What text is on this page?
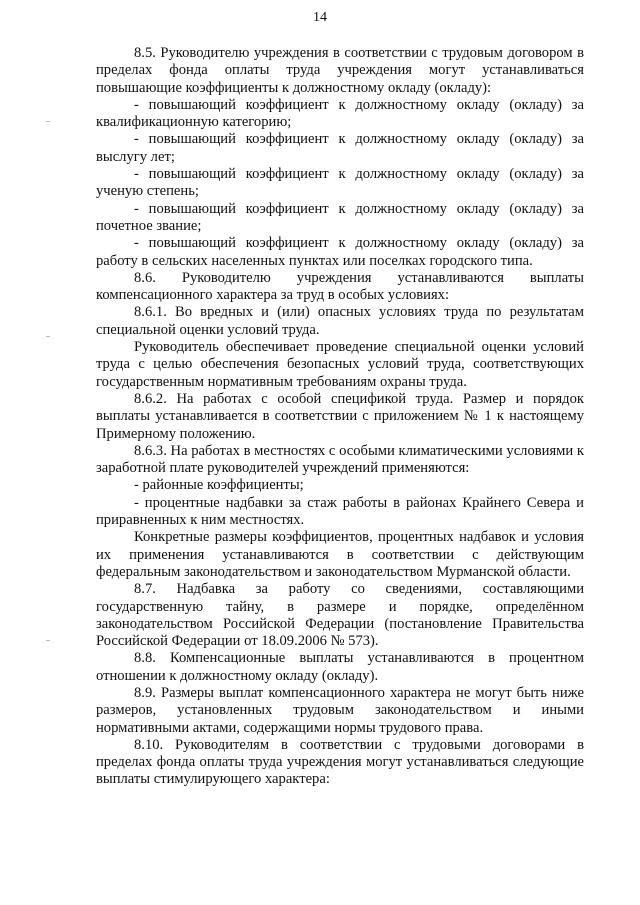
14

8.5. Руководителю учреждения в соответствии с трудовым договором в пределах фонда оплаты труда учреждения могут устанавливаться повышающие коэффициенты к должностному окладу (окладу):

- повышающий коэффициент к должностному окладу (окладу) за квалификационную категорию;

- повышающий коэффициент к должностному окладу (окладу) за выслугу лет;

- повышающий коэффициент к должностному окладу (окладу) за ученую степень;

- повышающий коэффициент к должностному окладу (окладу) за почетное звание;

- повышающий коэффициент к должностному окладу (окладу) за работу в сельских населенных пунктах или поселках городского типа.

8.6. Руководителю учреждения устанавливаются выплаты компенсационного характера за труд в особых условиях:

8.6.1. Во вредных и (или) опасных условиях труда по результатам специальной оценки условий труда.

Руководитель обеспечивает проведение специальной оценки условий труда с целью обеспечения безопасных условий труда, соответствующих государственным нормативным требованиям охраны труда.

8.6.2. На работах с особой спецификой труда. Размер и порядок выплаты устанавливается в соответствии с приложением № 1 к настоящему Примерному положению.

8.6.3. На работах в местностях с особыми климатическими условиями к заработной плате руководителей учреждений применяются:

- районные коэффициенты;

- процентные надбавки за стаж работы в районах Крайнего Севера и приравненных к ним местностях.

Конкретные размеры коэффициентов, процентных надбавок и условия их применения устанавливаются в соответствии с действующим федеральным законодательством и законодательством Мурманской области.

8.7. Надбавка за работу со сведениями, составляющими государственную тайну, в размере и порядке, определённом законодательством Российской Федерации (постановление Правительства Российской Федерации от 18.09.2006 № 573).

8.8. Компенсационные выплаты устанавливаются в процентном отношении к должностному окладу (окладу).

8.9. Размеры выплат компенсационного характера не могут быть ниже размеров, установленных трудовым законодательством и иными нормативными актами, содержащими нормы трудового права.

8.10. Руководителям в соответствии с трудовыми договорами в пределах фонда оплаты труда учреждения могут устанавливаться следующие выплаты стимулирующего характера:
